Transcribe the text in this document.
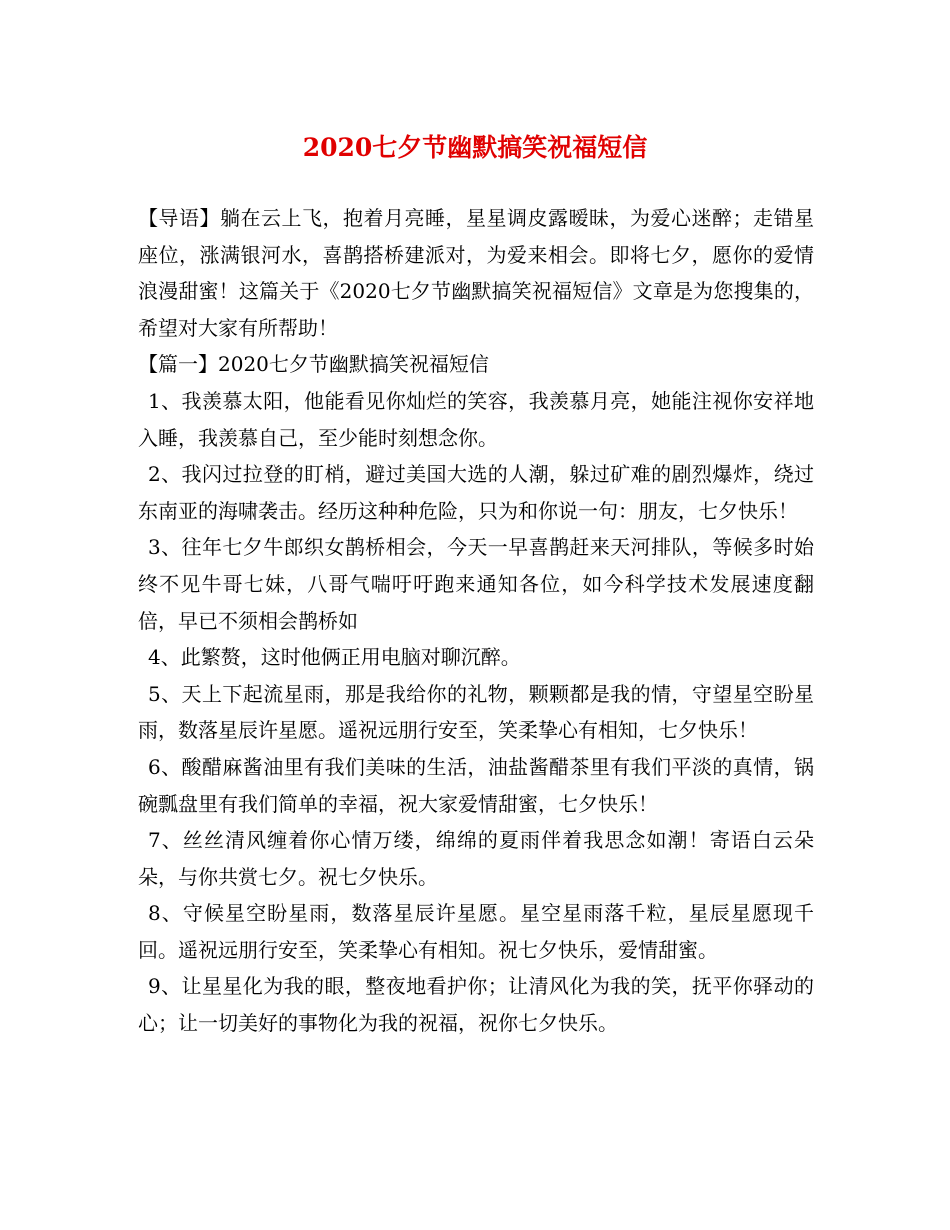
2020七夕节幽默搞笑祝福短信

【导语】躺在云上飞，抱着月亮睡，星星调皮露暧昧，为爱心迷醉；走错星座位，涨满银河水，喜鹊搭桥建派对，为爱来相会。即将七夕，愿你的爱情浪漫甜蜜！这篇关于《2020七夕节幽默搞笑祝福短信》文章是为您搜集的，希望对大家有所帮助！

【篇一】2020七夕节幽默搞笑祝福短信

1、我羡慕太阳，他能看见你灿烂的笑容，我羡慕月亮，她能注视你安祥地入睡，我羡慕自己，至少能时刻想念你。

2、我闪过拉登的盯梢，避过美国大选的人潮，躲过矿难的剧烈爆炸，绕过东南亚的海啸袭击。经历这种种危险，只为和你说一句：朋友，七夕快乐！

3、往年七夕牛郎织女鹊桥相会，今天一早喜鹊赶来天河排队，等候多时始终不见牛哥七妹，八哥气喘吁吁跑来通知各位，如今科学技术发展速度翻倍，早已不须相会鹊桥如

4、此繁赘，这时他俩正用电脑对聊沉醉。

5、天上下起流星雨，那是我给你的礼物，颗颗都是我的情，守望星空盼星雨，数落星辰许星愿。遥祝远朋行安至，笑柔挚心有相知，七夕快乐！

6、酸醋麻酱油里有我们美味的生活，油盐酱醋茶里有我们平淡的真情，锅碗瓢盘里有我们简单的幸福，祝大家爱情甜蜜，七夕快乐！

7、丝丝清风缠着你心情万缕，绵绵的夏雨伴着我思念如潮！寄语白云朵朵，与你共赏七夕。祝七夕快乐。

8、守候星空盼星雨，数落星辰许星愿。星空星雨落千粒，星辰星愿现千回。遥祝远朋行安至，笑柔挚心有相知。祝七夕快乐，爱情甜蜜。

9、让星星化为我的眼，整夜地看护你；让清风化为我的笑，抚平你驿动的心；让一切美好的事物化为我的祝福，祝你七夕快乐。
